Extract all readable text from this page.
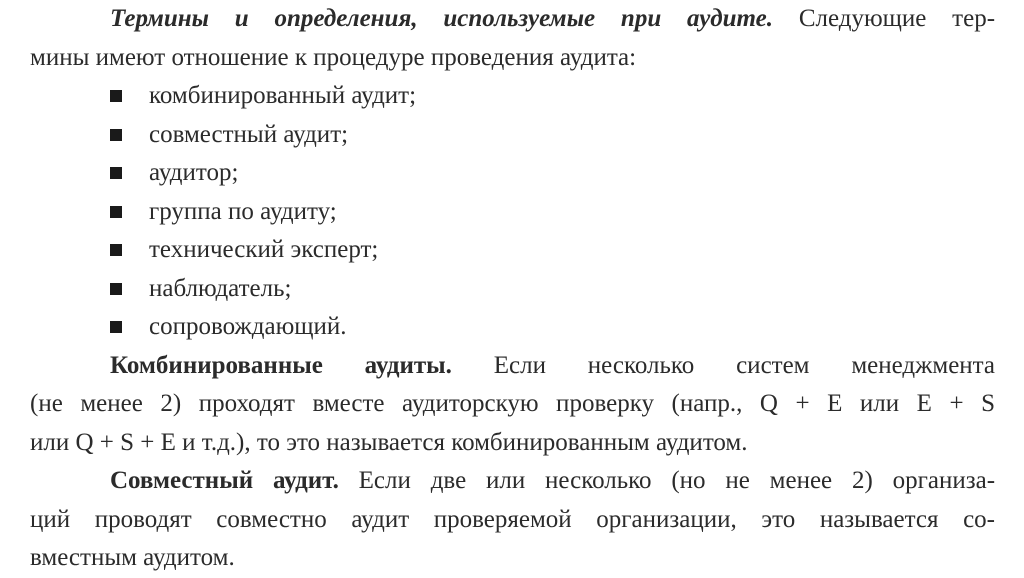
Термины и определения, используемые при аудите. Следующие тер-
мины имеют отношение к процедуре проведения аудита:
комбинированный аудит;
совместный аудит;
аудитор;
группа по аудиту;
технический эксперт;
наблюдатель;
сопровождающий.
Комбинированные аудиты. Если несколько систем менеджмента
(не менее 2) проходят вместе аудиторскую проверку (напр., Q + E или E + S
или Q + S + E и т.д.), то это называется комбинированным аудитом.
Совместный аудит. Если две или несколько (но не менее 2) организа-
ций проводят совместно аудит проверяемой организации, это называется со-
вместным аудитом.
